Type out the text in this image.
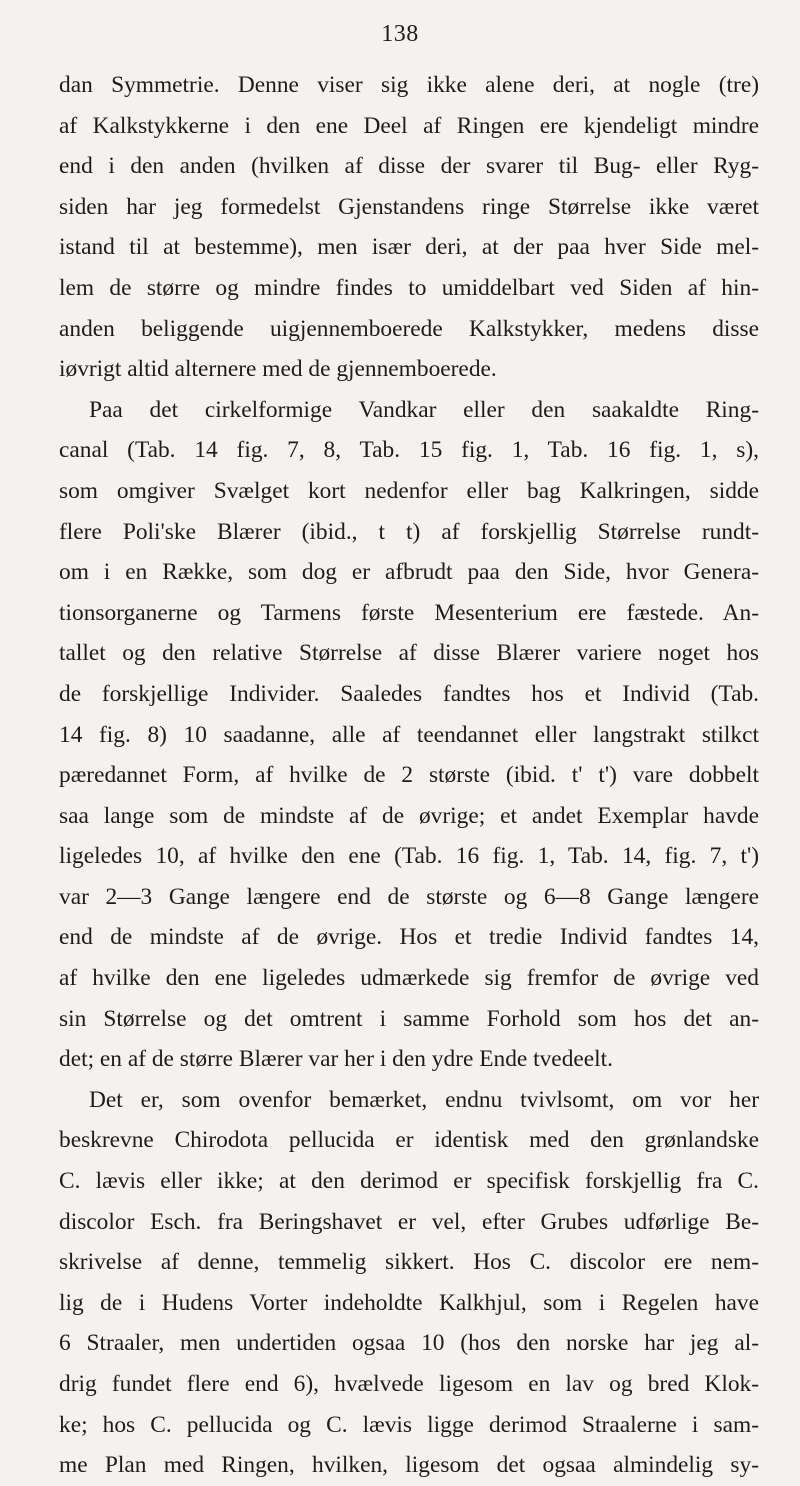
138
dan Symmetrie. Denne viser sig ikke alene deri, at nogle (tre)
af Kalkstykkerne i den ene Deel af Ringen ere kjendeligt mindre
end i den anden (hvilken af disse der svarer til Bug- eller Ryg-
siden har jeg formedelst Gjenstandens ringe Størrelse ikke været
istand til at bestemme), men især deri, at der paa hver Side mel-
lem de større og mindre findes to umiddelbart ved Siden af hin-
anden beliggende uigjennemboerede Kalkstykker, medens disse
iøvrigt altid alternere med de gjennemboerede.
Paa det cirkelformige Vandkar eller den saakaldte Ring-
canal (Tab. 14 fig. 7, 8, Tab. 15 fig. 1, Tab. 16 fig. 1, s),
som omgiver Svælget kort nedenfor eller bag Kalkringen, sidde
flere Poli'ske Blærer (ibid., t t) af forskjellig Størrelse rundt-
om i en Række, som dog er afbrudt paa den Side, hvor Genera-
tionsorganerne og Tarmens første Mesenterium ere fæstede. An-
tallet og den relative Størrelse af disse Blærer variere noget hos
de forskjellige Individer. Saaledes fandtes hos et Individ (Tab.
14 fig. 8) 10 saadanne, alle af teendannet eller langstrakt stilkct
pæredannet Form, af hvilke de 2 største (ibid. t' t') vare dobbelt
saa lange som de mindste af de øvrige; et andet Exemplar havde
ligeledes 10, af hvilke den ene (Tab. 16 fig. 1, Tab. 14, fig. 7, t')
var 2—3 Gange længere end de største og 6—8 Gange længere
end de mindste af de øvrige. Hos et tredie Individ fandtes 14,
af hvilke den ene ligeledes udmærkede sig fremfor de øvrige ved
sin Størrelse og det omtrent i samme Forhold som hos det an-
det; en af de større Blærer var her i den ydre Ende tvedeelt.
Det er, som ovenfor bemærket, endnu tvivlsomt, om vor her
beskrevne Chirodota pellucida er identisk med den grønlandske
C. lævis eller ikke; at den derimod er specifisk forskjellig fra C.
discolor Esch. fra Beringshavet er vel, efter Grubes udførlige Be-
skrivelse af denne, temmelig sikkert. Hos C. discolor ere nem-
lig de i Hudens Vorter indeholdte Kalkhjul, som i Regelen have
6 Straaler, men undertiden ogsaa 10 (hos den norske har jeg al-
drig fundet flere end 6), hvælvede ligesom en lav og bred Klok-
ke; hos C. pellucida og C. lævis ligge derimod Straalerne i sam-
me Plan med Ringen, hvilken, ligesom det ogsaa almindelig sy-
